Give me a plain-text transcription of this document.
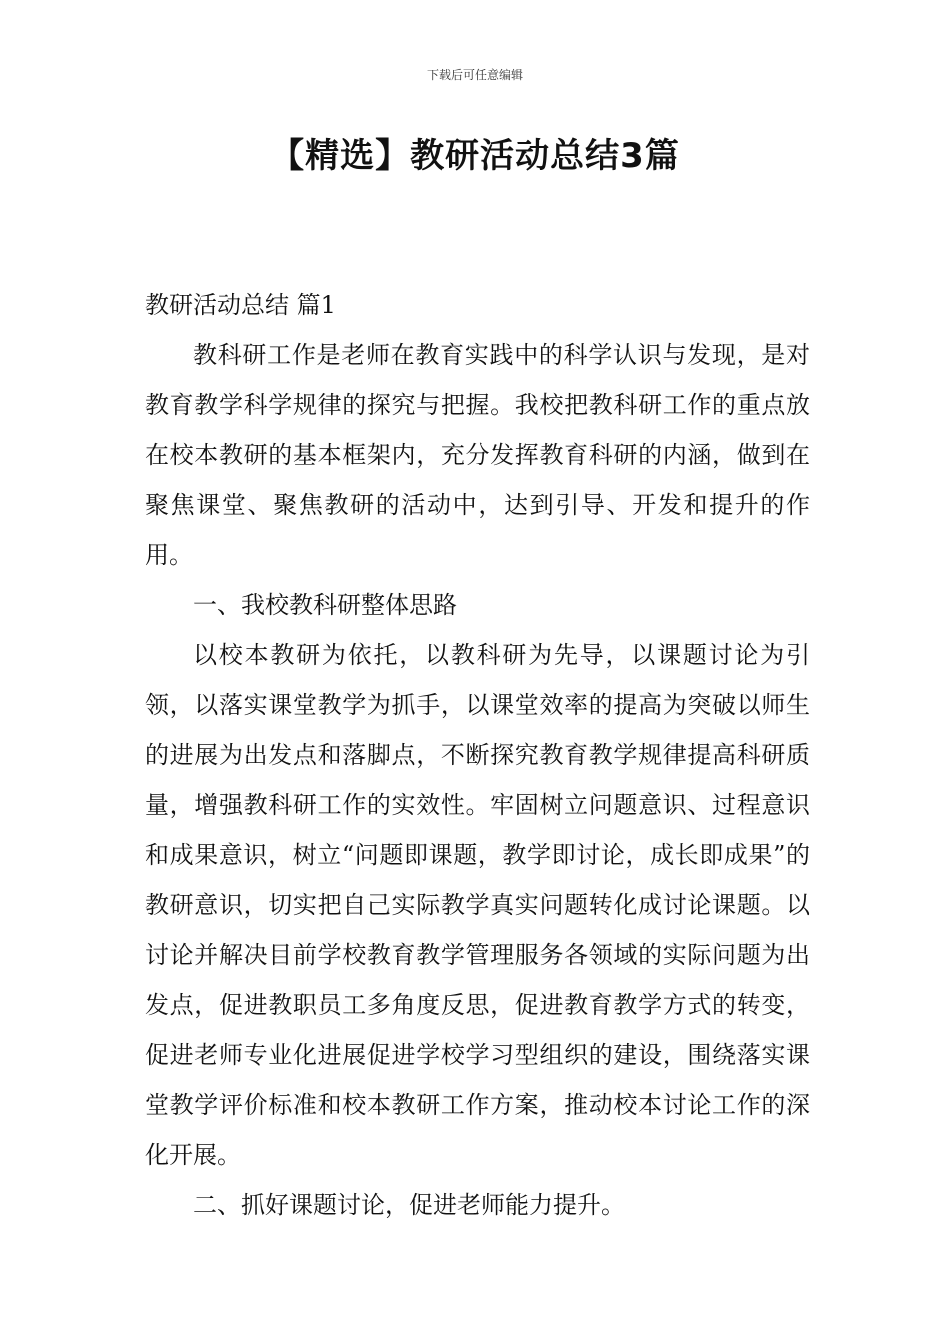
下载后可任意编辑
【精选】教研活动总结3篇

教研活动总结 篇1

教科研工作是老师在教育实践中的科学认识与发现，是对教育教学科学规律的探究与把握。我校把教科研工作的重点放在校本教研的基本框架内，充分发挥教育科研的内涵，做到在聚焦课堂、聚焦教研的活动中，达到引导、开发和提升的作用。

一、我校教科研整体思路

以校本教研为依托，以教科研为先导，以课题讨论为引领，以落实课堂教学为抓手，以课堂效率的提高为突破以师生的进展为出发点和落脚点，不断探究教育教学规律提高科研质量，增强教科研工作的实效性。牢固树立问题意识、过程意识和成果意识，树立“问题即课题，教学即讨论，成长即成果”的教研意识，切实把自己实际教学真实问题转化成讨论课题。以讨论并解决目前学校教育教学管理服务各领域的实际问题为出发点，促进教职员工多角度反思，促进教育教学方式的转变，促进老师专业化进展促进学校学习型组织的建设，围绕落实课堂教学评价标准和校本教研工作方案，推动校本讨论工作的深化开展。

二、抓好课题讨论，促进老师能力提升。
